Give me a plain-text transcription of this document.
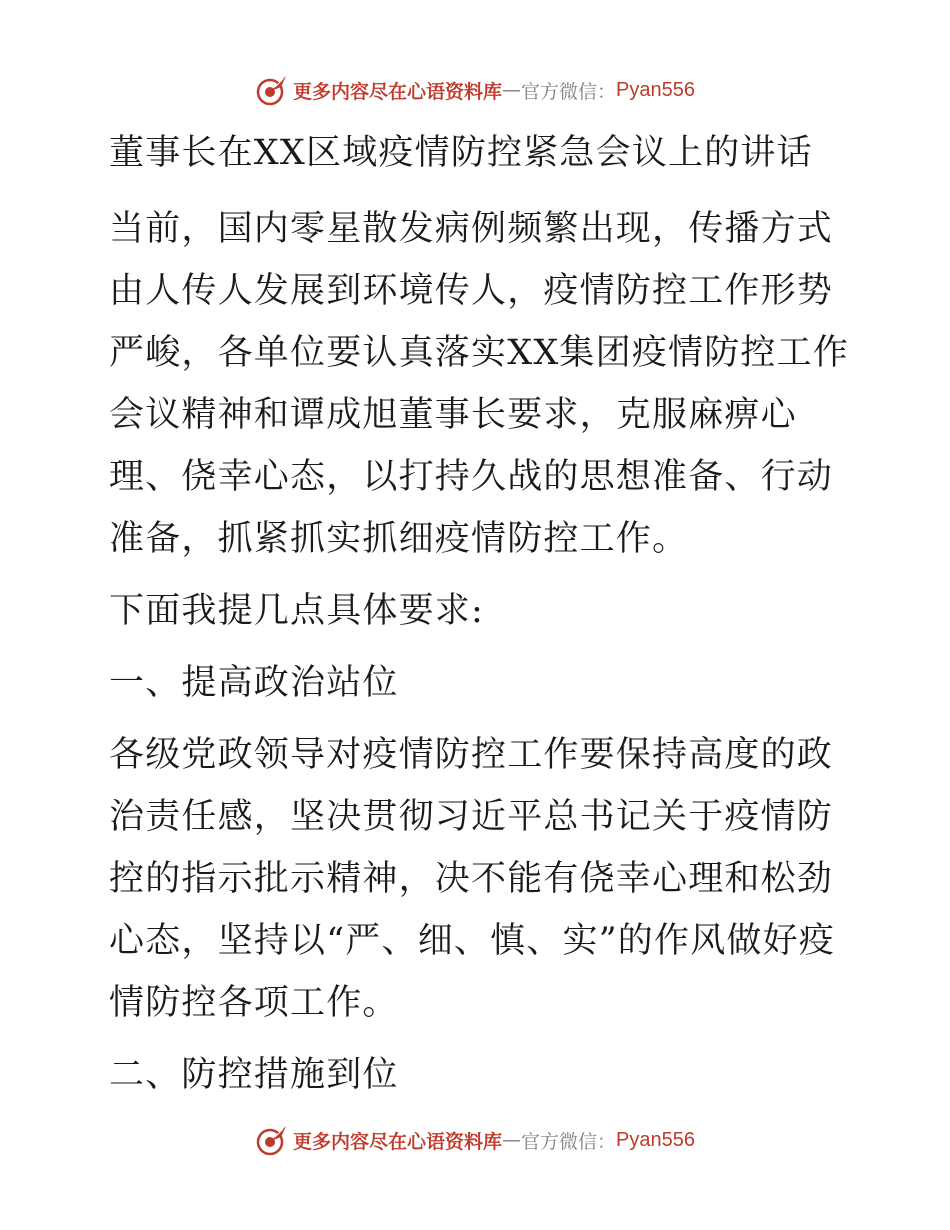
更多内容尽在心语资料库 — 官方微信： Pyan556

董事长在XX区域疫情防控紧急会议上的讲话

当前，国内零星散发病例频繁出现，传播方式由人传人发展到环境传人，疫情防控工作形势严峻，各单位要认真落实XX集团疫情防控工作会议精神和谭成旭董事长要求，克服麻痹心理、侥幸心态，以打持久战的思想准备、行动准备，抓紧抓实抓细疫情防控工作。

下面我提几点具体要求:

一、提高政治站位

各级党政领导对疫情防控工作要保持高度的政治责任感，坚决贯彻习近平总书记关于疫情防控的指示批示精神，决不能有侥幸心理和松劲心态，坚持以“严、细、慎、实”的作风做好疫情防控各项工作。

二、防控措施到位

更多内容尽在心语资料库 — 官方微信： Pyan556
